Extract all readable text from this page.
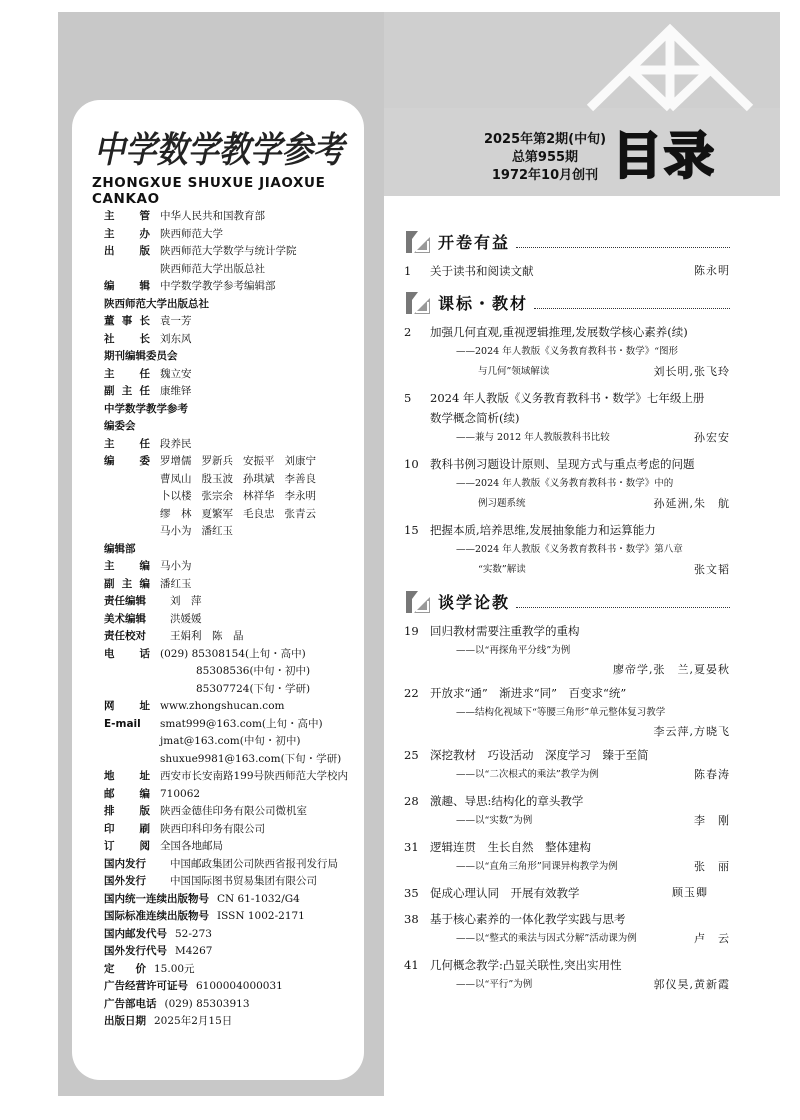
中学数学教学参考
ZHONGXUE SHUXUE JIAOXUE CANKAO
2025年第2期(中旬)
总第955期
1972年10月创刊 目录
主 管 中华人民共和国教育部
主 办 陕西师范大学
出 版 陕西师范大学数学与统计学院
陕西师范大学出版总社
编 辑 中学数学教学参考编辑部
陕西师范大学出版总社
董 事 长 袁一芳
社 长 刘东风
期刊编辑委员会
主 任 魏立安
副 主 任 康维铎
中学数学教学参考
编委会
主 任 段养民
编 委 罗增儒 罗新兵 安振平 刘康宁
曹凤山 殷玉波 孙琪斌 李善良
卜以楼 张宗余 林祥华 李永明
缪　林 夏繁军 毛良忠 张青云
马小为 潘红玉
编辑部
主 编 马小为
副 主 编 潘红玉
责任编辑	刘　萍
美术编辑	洪媛媛
责任校对	王娟利　陈　晶
电 话 (029) 85308154(上旬・高中)
85308536(中旬・初中)
85307724(下旬・学研)
网 址 www.zhongshucan.com
E-mail	smat999@163.com(上旬・高中)
jmat@163.com(中旬・初中)
shuxue9981@163.com(下旬・学研)
地 址 西安市长安南路199号陕西师范大学校内
邮 编 710062
排 版 陕西金德佳印务有限公司微机室
印 刷 陕西印科印务有限公司
订 阅 全国各地邮局
国内发行	中国邮政集团公司陕西省报刊发行局
国外发行	中国国际图书贸易集团有限公司
国内统一连续出版物号 CN 61-1032/G4
国际标准连续出版物号 ISSN 1002-2171
国内邮发代号 52-273
国外发行代号 M4267
定　　价 15.00元
广告经营许可证号 6100004000031
广告部电话 (029) 85303913
出版日期 2025年2月15日
开卷有益
1	关于读书和阅读文献	陈永明
课标・教材
2	加强几何直观,重视逻辑推理,发展数学核心素养(续)
——2024 年人教版《义务教育教科书・数学》“图形
与几何”领域解读	刘长明,张飞玲
5	2024 年人教版《义务教育教科书・数学》七年级上册
数学概念简析(续)
——兼与 2012 年人教版教科书比较	孙宏安
10 教科书例习题设计原则、呈现方式与重点考虑的问题
——2024 年人教版《义务教育教科书・数学》中的
例习题系统	孙延洲,朱　航
15 把握本质,培养思维,发展抽象能力和运算能力
——2024 年人教版《义务教育教科书・数学》第八章
“实数”解读	张文韬
谈学论教
19 回归教材需要注重教学的重构
——以“再探角平分线”为例
廖帝学,张　兰,夏晏秋
22 开放求“通”　渐进求“同”　百变求“统”
——结构化视域下“等腰三角形”单元整体复习教学
李云萍,方晓飞
25 深挖教材　巧设活动　深度学习　臻于至简
——以“二次根式的乘法”教学为例	陈春涛
28 激趣、导思:结构化的章头教学
——以“实数”为例	李　刚
31 逻辑连贯　生长自然　整体建构
——以“直角三角形”同课异构教学为例	张　丽
35 促成心理认同　开展有效教学	顾玉卿
38 基于核心素养的一体化教学实践与思考
——以“整式的乘法与因式分解”活动课为例	卢　云
41 几何概念教学:凸显关联性,突出实用性
——以“平行”为例	郭仪昊,黄新霞
